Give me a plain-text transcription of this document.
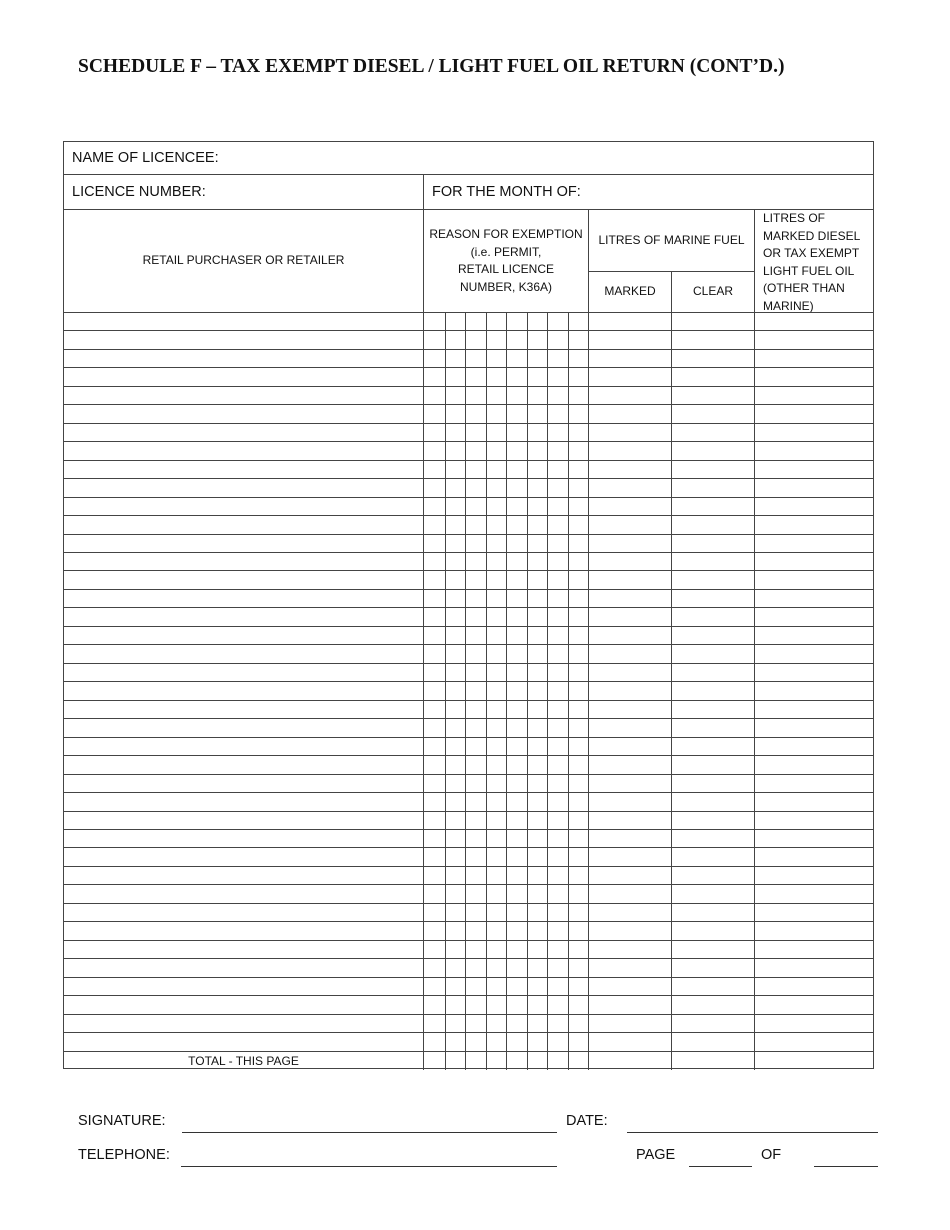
SCHEDULE F – TAX EXEMPT DIESEL / LIGHT FUEL OIL RETURN (CONT’D.)
NAME OF LICENCEE:
LICENCE NUMBER:	FOR THE MONTH OF:
RETAIL PURCHASER OR RETAILER
REASON FOR EXEMPTION
(i.e. PERMIT,
RETAIL LICENCE
NUMBER, K36A)
LITRES OF MARINE FUEL
MARKED	CLEAR
LITRES OF
MARKED DIESEL
OR TAX EXEMPT
LIGHT FUEL OIL
(OTHER THAN
MARINE)
TOTAL - THIS PAGE
SIGNATURE:	DATE:
TELEPHONE:	PAGE	OF
